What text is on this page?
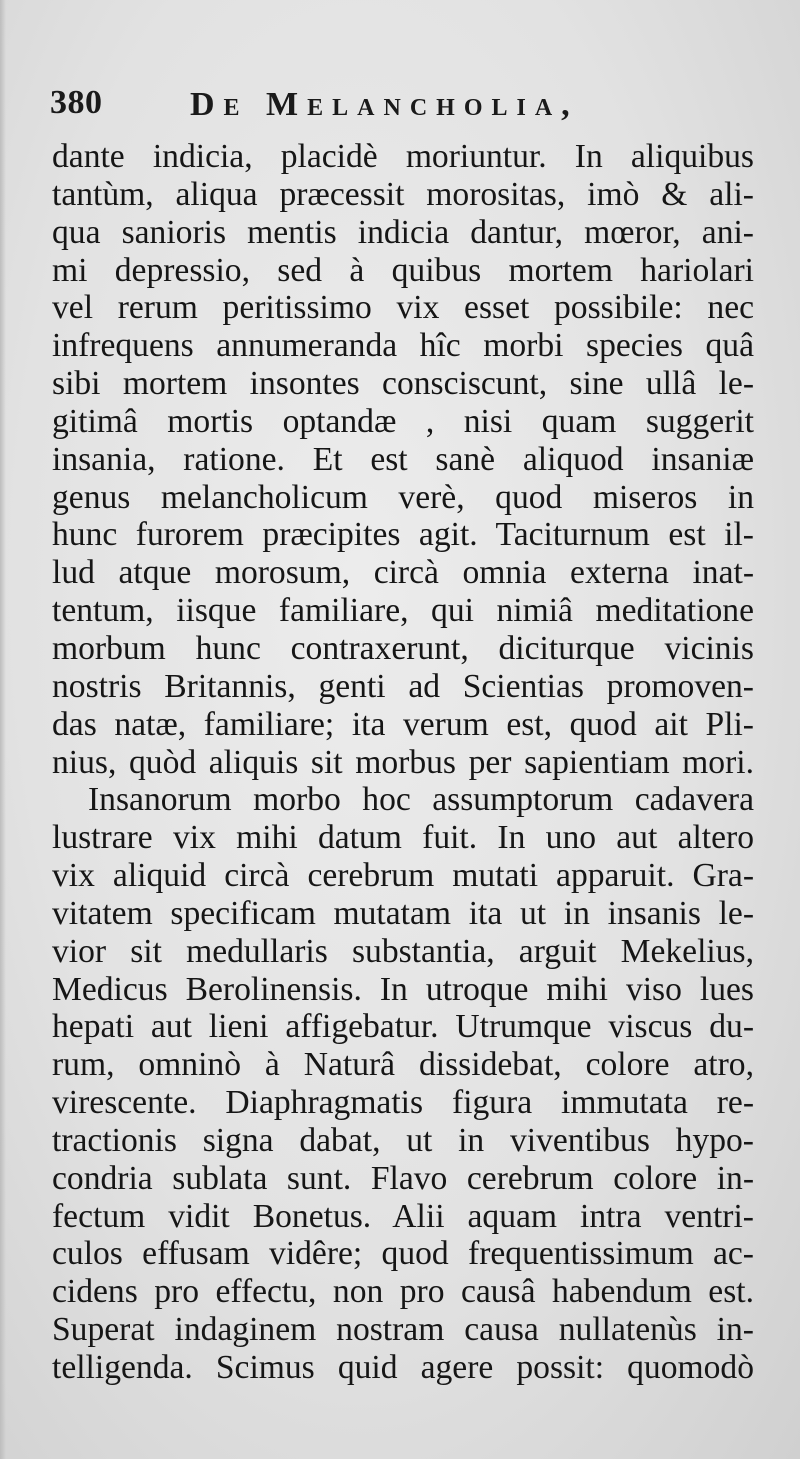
380	De Melancholia,
dante indicia, placidè moriuntur. In aliquibus
tantùm, aliqua præcessit morositas, imò & ali-
qua sanioris mentis indicia dantur, mœror, ani-
mi depressio, sed à quibus mortem hariolari
vel rerum peritissimo vix esset possibile: nec
infrequens annumeranda hîc morbi species quâ
sibi mortem insontes consciscunt, sine ullâ le-
gitimâ mortis optandæ , nisi quam suggerit
insania, ratione. Et est sanè aliquod insaniæ
genus melancholicum verè, quod miseros in
hunc furorem præcipites agit. Taciturnum est il-
lud atque morosum, circà omnia externa inat-
tentum, iisque familiare, qui nimiâ meditatione
morbum hunc contraxerunt, diciturque vicinis
nostris Britannis, genti ad Scientias promoven-
das natæ, familiare; ita verum est, quod ait Pli-
nius, quòd aliquis sit morbus per sapientiam mori.
Insanorum morbo hoc assumptorum cadavera
lustrare vix mihi datum fuit. In uno aut altero
vix aliquid circà cerebrum mutati apparuit. Gra-
vitatem specificam mutatam ita ut in insanis le-
vior sit medullaris substantia, arguit Mekelius,
Medicus Berolinensis. In utroque mihi viso lues
hepati aut lieni affigebatur. Utrumque viscus du-
rum, omninò à Naturâ dissidebat, colore atro,
virescente. Diaphragmatis figura immutata re-
tractionis signa dabat, ut in viventibus hypo-
condria sublata sunt. Flavo cerebrum colore in-
fectum vidit Bonetus. Alii aquam intra ventri-
culos effusam vidêre; quod frequentissimum ac-
cidens pro effectu, non pro causâ habendum est.
Superat indaginem nostram causa nullatenùs in-
telligenda. Scimus quid agere possit: quomodò
